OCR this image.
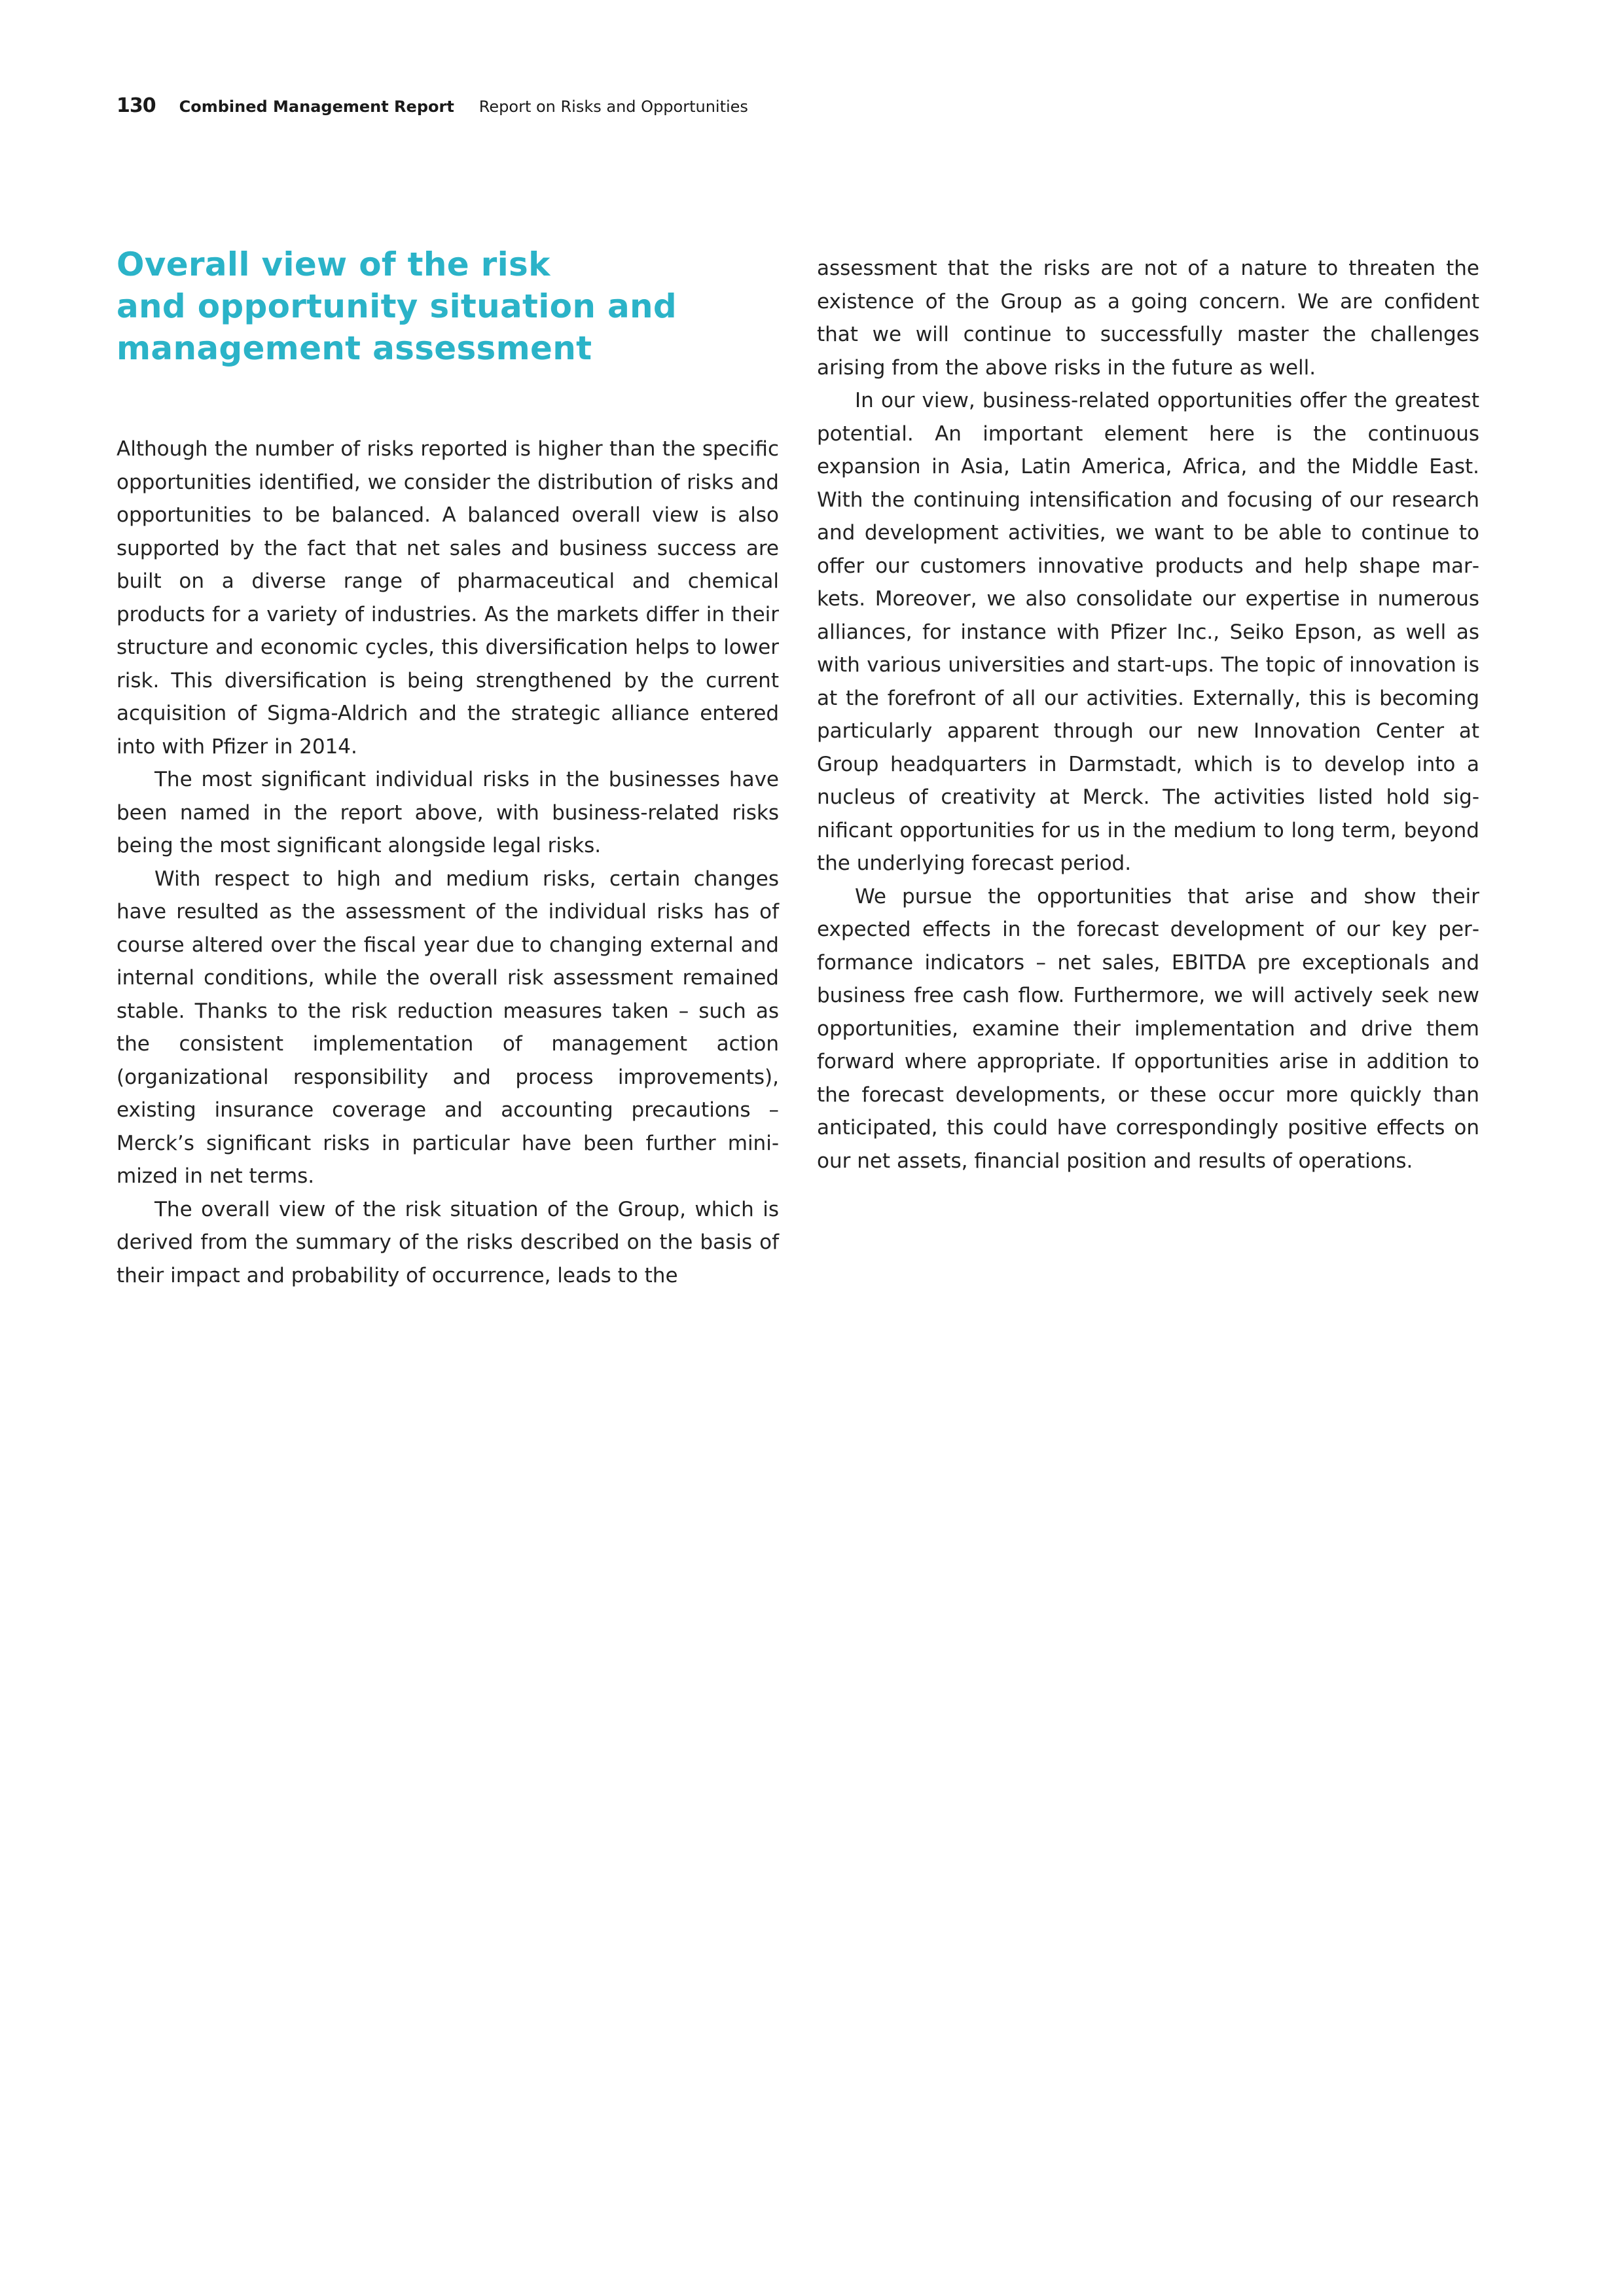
130 Combined Management Report Report on Risks and Opportunities
Overall view of the risk
and opportunity situation and
management assessment

Although the number of risks reported is higher than the specific opportunities identified, we consider the distribution of risks and opportunities to be balanced. A balanced overall view is also supported by the fact that net sales and business success are built on a diverse range of pharmaceutical and chemical products for a variety of industries. As the markets differ in their structure and economic cycles, this diversification helps to lower risk. This diversification is being strengthened by the current acquisition of Sigma-Aldrich and the strategic alliance entered into with Pfizer in 2014.

The most significant individual risks in the businesses have been named in the report above, with business-related risks being the most significant alongside legal risks.

With respect to high and medium risks, certain changes have resulted as the assessment of the individual risks has of course altered over the fiscal year due to changing external and internal conditions, while the overall risk assessment remained stable. Thanks to the risk reduction measures taken – such as the consistent implementation of management action (organizational responsibility and process improvements), existing insurance coverage and accounting precautions – Merck’s significant risks in particular have been further minimized in net terms.

The overall view of the risk situation of the Group, which is derived from the summary of the risks described on the basis of their impact and probability of occurrence, leads to the

assessment that the risks are not of a nature to threaten the existence of the Group as a going concern. We are confident that we will continue to successfully master the challenges arising from the above risks in the future as well.

In our view, business-related opportunities offer the greatest potential. An important element here is the continuous expansion in Asia, Latin America, Africa, and the Middle East. With the continuing intensification and focusing of our research and development activities, we want to be able to continue to offer our customers innovative products and help shape markets. Moreover, we also consolidate our expertise in numerous alliances, for instance with Pfizer Inc., Seiko Epson, as well as with various universities and start-ups. The topic of innovation is at the forefront of all our activities. Externally, this is becoming particularly apparent through our new Innovation Center at Group headquarters in Darmstadt, which is to develop into a nucleus of creativity at Merck. The activities listed hold significant opportunities for us in the medium to long term, beyond the underlying forecast period.

We pursue the opportunities that arise and show their expected effects in the forecast development of our key performance indicators – net sales, EBITDA pre exceptionals and business free cash flow. Furthermore, we will actively seek new opportunities, examine their implementation and drive them forward where appropriate. If opportunities arise in addition to the forecast developments, or these occur more quickly than anticipated, this could have correspondingly positive effects on our net assets, financial position and results of operations.
